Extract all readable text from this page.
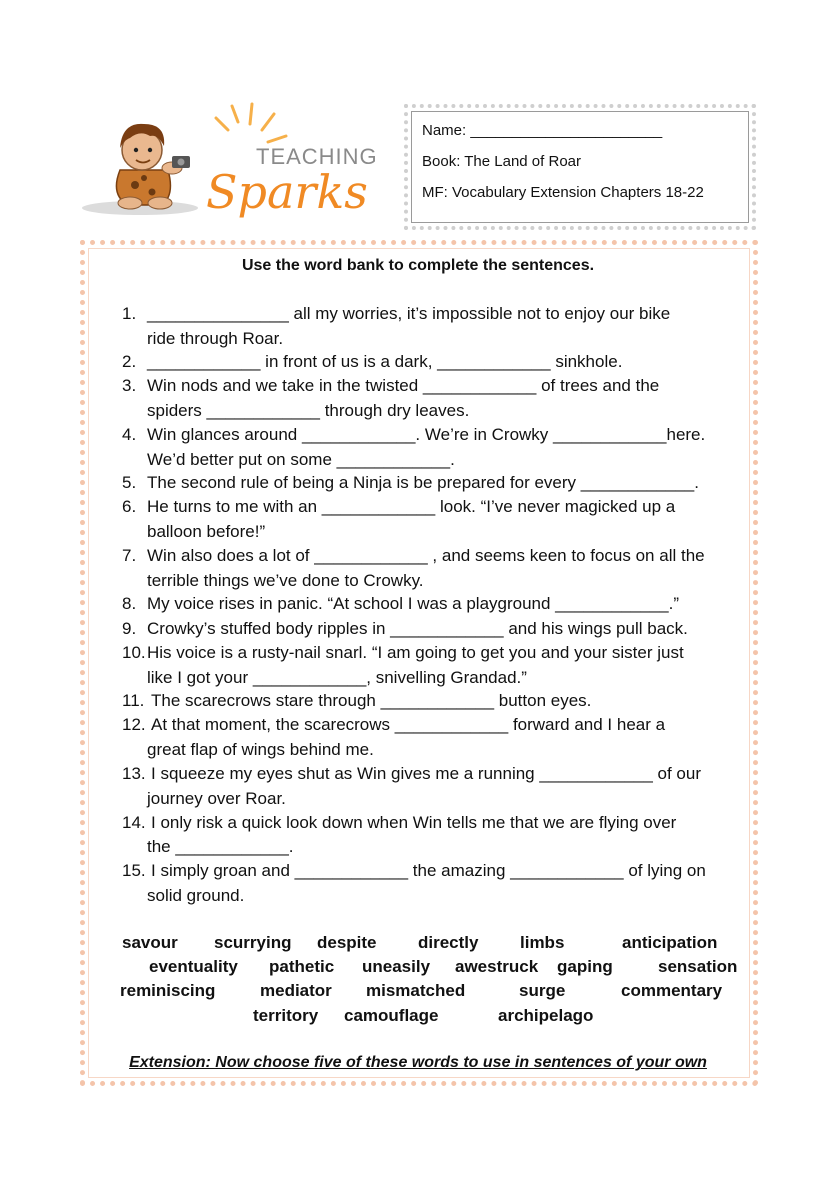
TEACHING
Sparks
Name: _______________________
Book: The Land of Roar
MF: Vocabulary Extension Chapters 18-22
Use the word bank to complete the sentences.
1. _______________ all my worries, it’s impossible not to enjoy our bike
ride through Roar.
2. ____________ in front of us is a dark, ____________ sinkhole.
3. Win nods and we take in the twisted ____________ of trees and the
spiders ____________ through dry leaves.
4. Win glances around ____________. We’re in Crowky ____________here.
We’d better put on some ____________.
5. The second rule of being a Ninja is be prepared for every ____________.
6. He turns to me with an ____________ look. “I’ve never magicked up a
balloon before!”
7. Win also does a lot of ____________ , and seems keen to focus on all the
terrible things we’ve done to Crowky.
8. My voice rises in panic. “At school I was a playground ____________.”
9. Crowky’s stuffed body ripples in ____________ and his wings pull back.
10. His voice is a rusty-nail snarl. “I am going to get you and your sister just
like I got your ____________, snivelling Grandad.”
11. The scarecrows stare through ____________ button eyes.
12. At that moment, the scarecrows ____________ forward and I hear a
great flap of wings behind me.
13. I squeeze my eyes shut as Win gives me a running ____________ of our
journey over Roar.
14. I only risk a quick look down when Win tells me that we are flying over
the ____________.
15. I simply groan and ____________ the amazing ____________ of lying on
solid ground.
savour scurrying despite directly limbs	anticipation
eventuality pathetic uneasily awestruck gaping	sensation
reminiscing	mediator mismatched	surge	commentary
territory camouflage	archipelago
Extension: Now choose five of these words to use in sentences of your own
